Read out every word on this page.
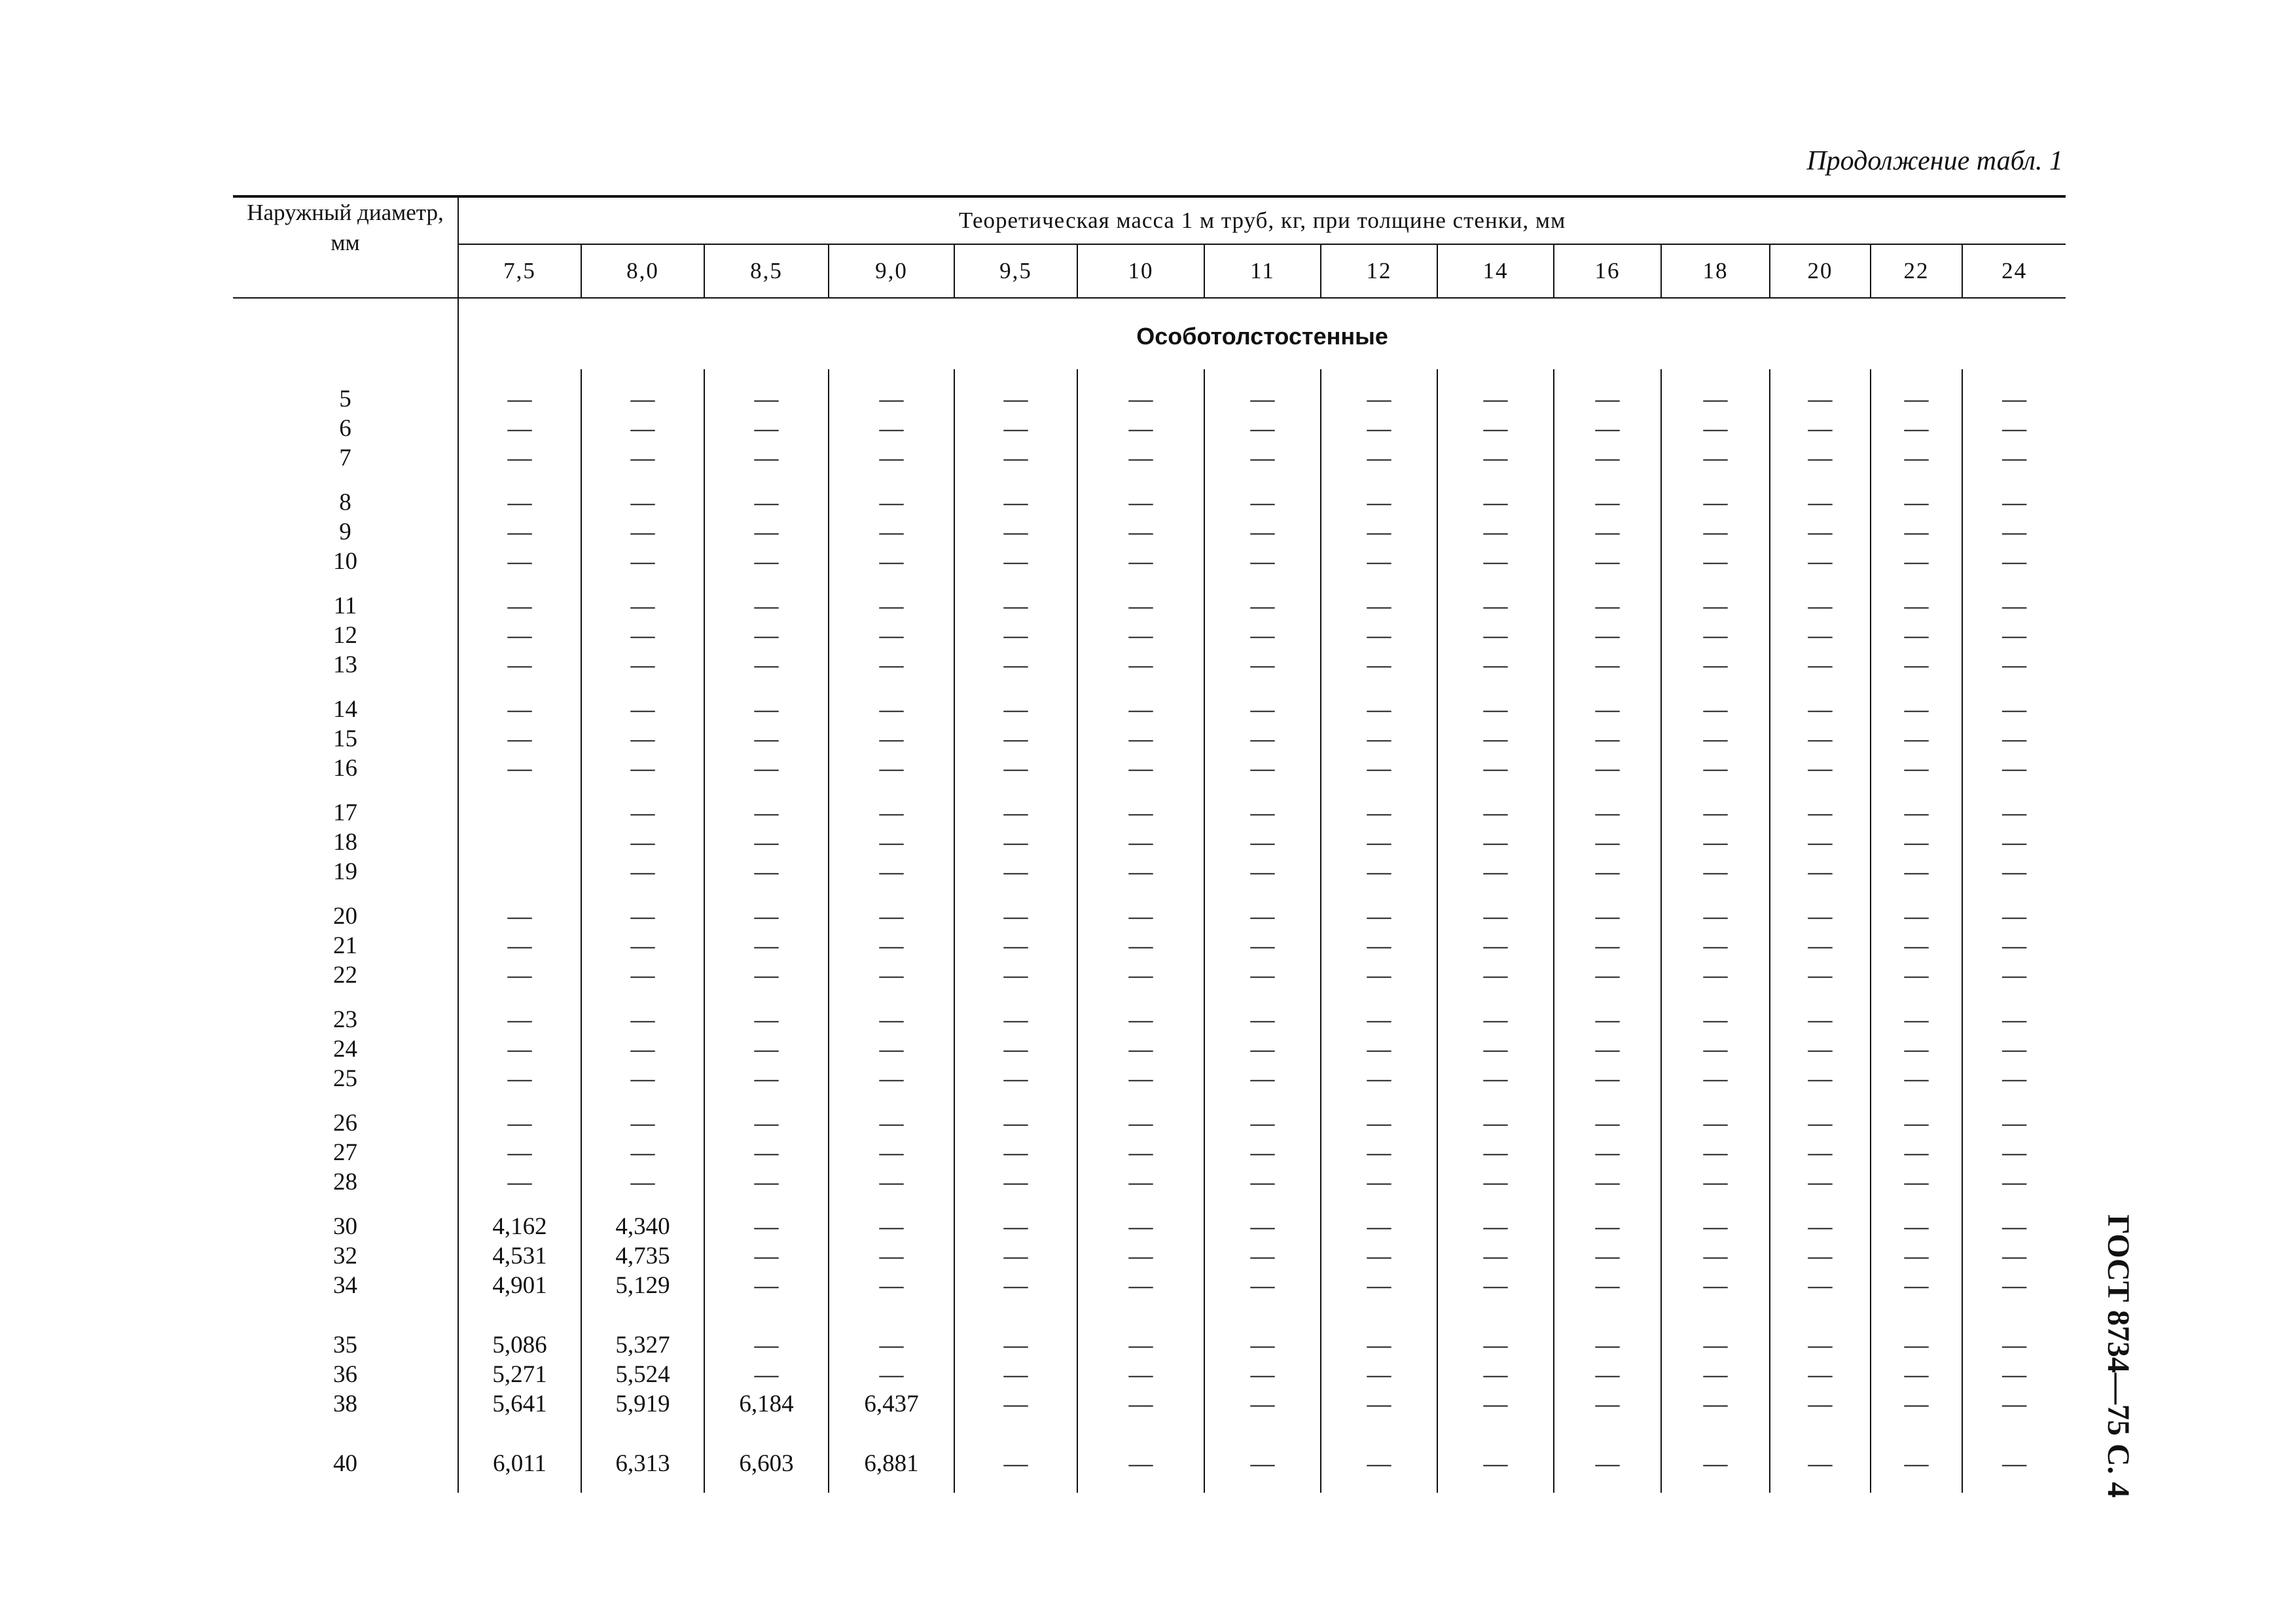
Продолжение табл. 1
ГОСТ 8734—75 С. 4
Наружный диаметр, мм	Теоретическая масса 1 м труб, кг, при толщине стенки, мм													
	7,5	8,0	8,5	9,0	9,5	10	11	12	14	16	18	20	22	24
	Особотолстостенные													
5	—	—	—	—	—	—	—	—	—	—	—	—	—	—
6	—	—	—	—	—	—	—	—	—	—	—	—	—	—
7	—	—	—	—	—	—	—	—	—	—	—	—	—	—
8	—	—	—	—	—	—	—	—	—	—	—	—	—	—
9	—	—	—	—	—	—	—	—	—	—	—	—	—	—
10	—	—	—	—	—	—	—	—	—	—	—	—	—	—
11	—	—	—	—	—	—	—	—	—	—	—	—	—	—
12	—	—	—	—	—	—	—	—	—	—	—	—	—	—
13	—	—	—	—	—	—	—	—	—	—	—	—	—	—
14	—	—	—	—	—	—	—	—	—	—	—	—	—	—
15	—	—	—	—	—	—	—	—	—	—	—	—	—	—
16	—	—	—	—	—	—	—	—	—	—	—	—	—	—
17		—	—	—	—	—	—	—	—	—	—	—	—	—
18		—	—	—	—	—	—	—	—	—	—	—	—	—
19		—	—	—	—	—	—	—	—	—	—	—	—	—
20	—	—	—	—	—	—	—	—	—	—	—	—	—	—
21	—	—	—	—	—	—	—	—	—	—	—	—	—	—
22	—	—	—	—	—	—	—	—	—	—	—	—	—	—
23	—	—	—	—	—	—	—	—	—	—	—	—	—	—
24	—	—	—	—	—	—	—	—	—	—	—	—	—	—
25	—	—	—	—	—	—	—	—	—	—	—	—	—	—
26	—	—	—	—	—	—	—	—	—	—	—	—	—	—
27	—	—	—	—	—	—	—	—	—	—	—	—	—	—
28	—	—	—	—	—	—	—	—	—	—	—	—	—	—
30	4,162	4,340	—	—	—	—	—	—	—	—	—	—	—	—
32	4,531	4,735	—	—	—	—	—	—	—	—	—	—	—	—
34	4,901	5,129	—	—	—	—	—	—	—	—	—	—	—	—
35	5,086	5,327	—	—	—	—	—	—	—	—	—	—	—	—
36	5,271	5,524	—	—	—	—	—	—	—	—	—	—	—	—
38	5,641	5,919	6,184	6,437	—	—	—	—	—	—	—	—	—	—
40	6,011	6,313	6,603	6,881	—	—	—	—	—	—	—	—	—	—
